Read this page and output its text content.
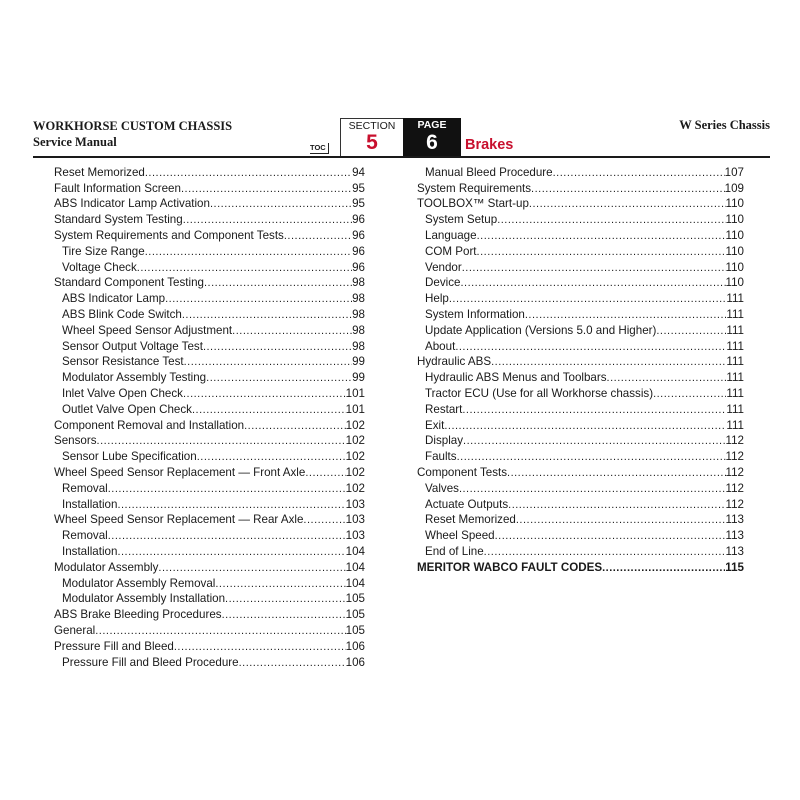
WORKHORSE CUSTOM CHASSIS
Service Manual	TOC
SECTION
5
PAGE
6	Brakes
W Series Chassis
Reset Memorized .....	94
Fault Information Screen .....	95
ABS Indicator Lamp Activation .....	95
Standard System Testing .....	96
System Requirements and Component Tests .....	96
Tire Size Range .....	96
Voltage Check .....	96
Standard Component Testing .....	98
ABS Indicator Lamp .....	98
ABS Blink Code Switch .....	98
Wheel Speed Sensor Adjustment .....	98
Sensor Output Voltage Test .....	98
Sensor Resistance Test .....	99
Modulator Assembly Testing .....	99
Inlet Valve Open Check .....	101
Outlet Valve Open Check .....	101
Component Removal and Installation .....	102
Sensors .....	102
Sensor Lube Specification .....	102
Wheel Speed Sensor Replacement — Front Axle .....	102
Removal .....	102
Installation .....	103
Wheel Speed Sensor Replacement — Rear Axle .....	103
Removal .....	103
Installation .....	104
Modulator Assembly .....	104
Modulator Assembly Removal .....	104
Modulator Assembly Installation .....	105
ABS Brake Bleeding Procedures .....	105
General .....	105
Pressure Fill and Bleed .....	106
Pressure Fill and Bleed Procedure .....	106
Manual Bleed Procedure .....	107
System Requirements .....	109
TOOLBOX™ Start-up .....	110
System Setup .....	110
Language .....	110
COM Port .....	110
Vendor .....	110
Device .....	110
Help .....	111
System Information .....	111
Update Application (Versions 5.0 and Higher) .....	111
About .....	111
Hydraulic ABS .....	111
Hydraulic ABS Menus and Toolbars .....	111
Tractor ECU (Use for all Workhorse chassis) .....	111
Restart .....	111
Exit .....	111
Display .....	112
Faults .....	112
Component Tests .....	112
Valves .....	112
Actuate Outputs .....	112
Reset Memorized .....	113
Wheel Speed .....	113
End of Line .....	113
MERITOR WABCO FAULT CODES .....	115
